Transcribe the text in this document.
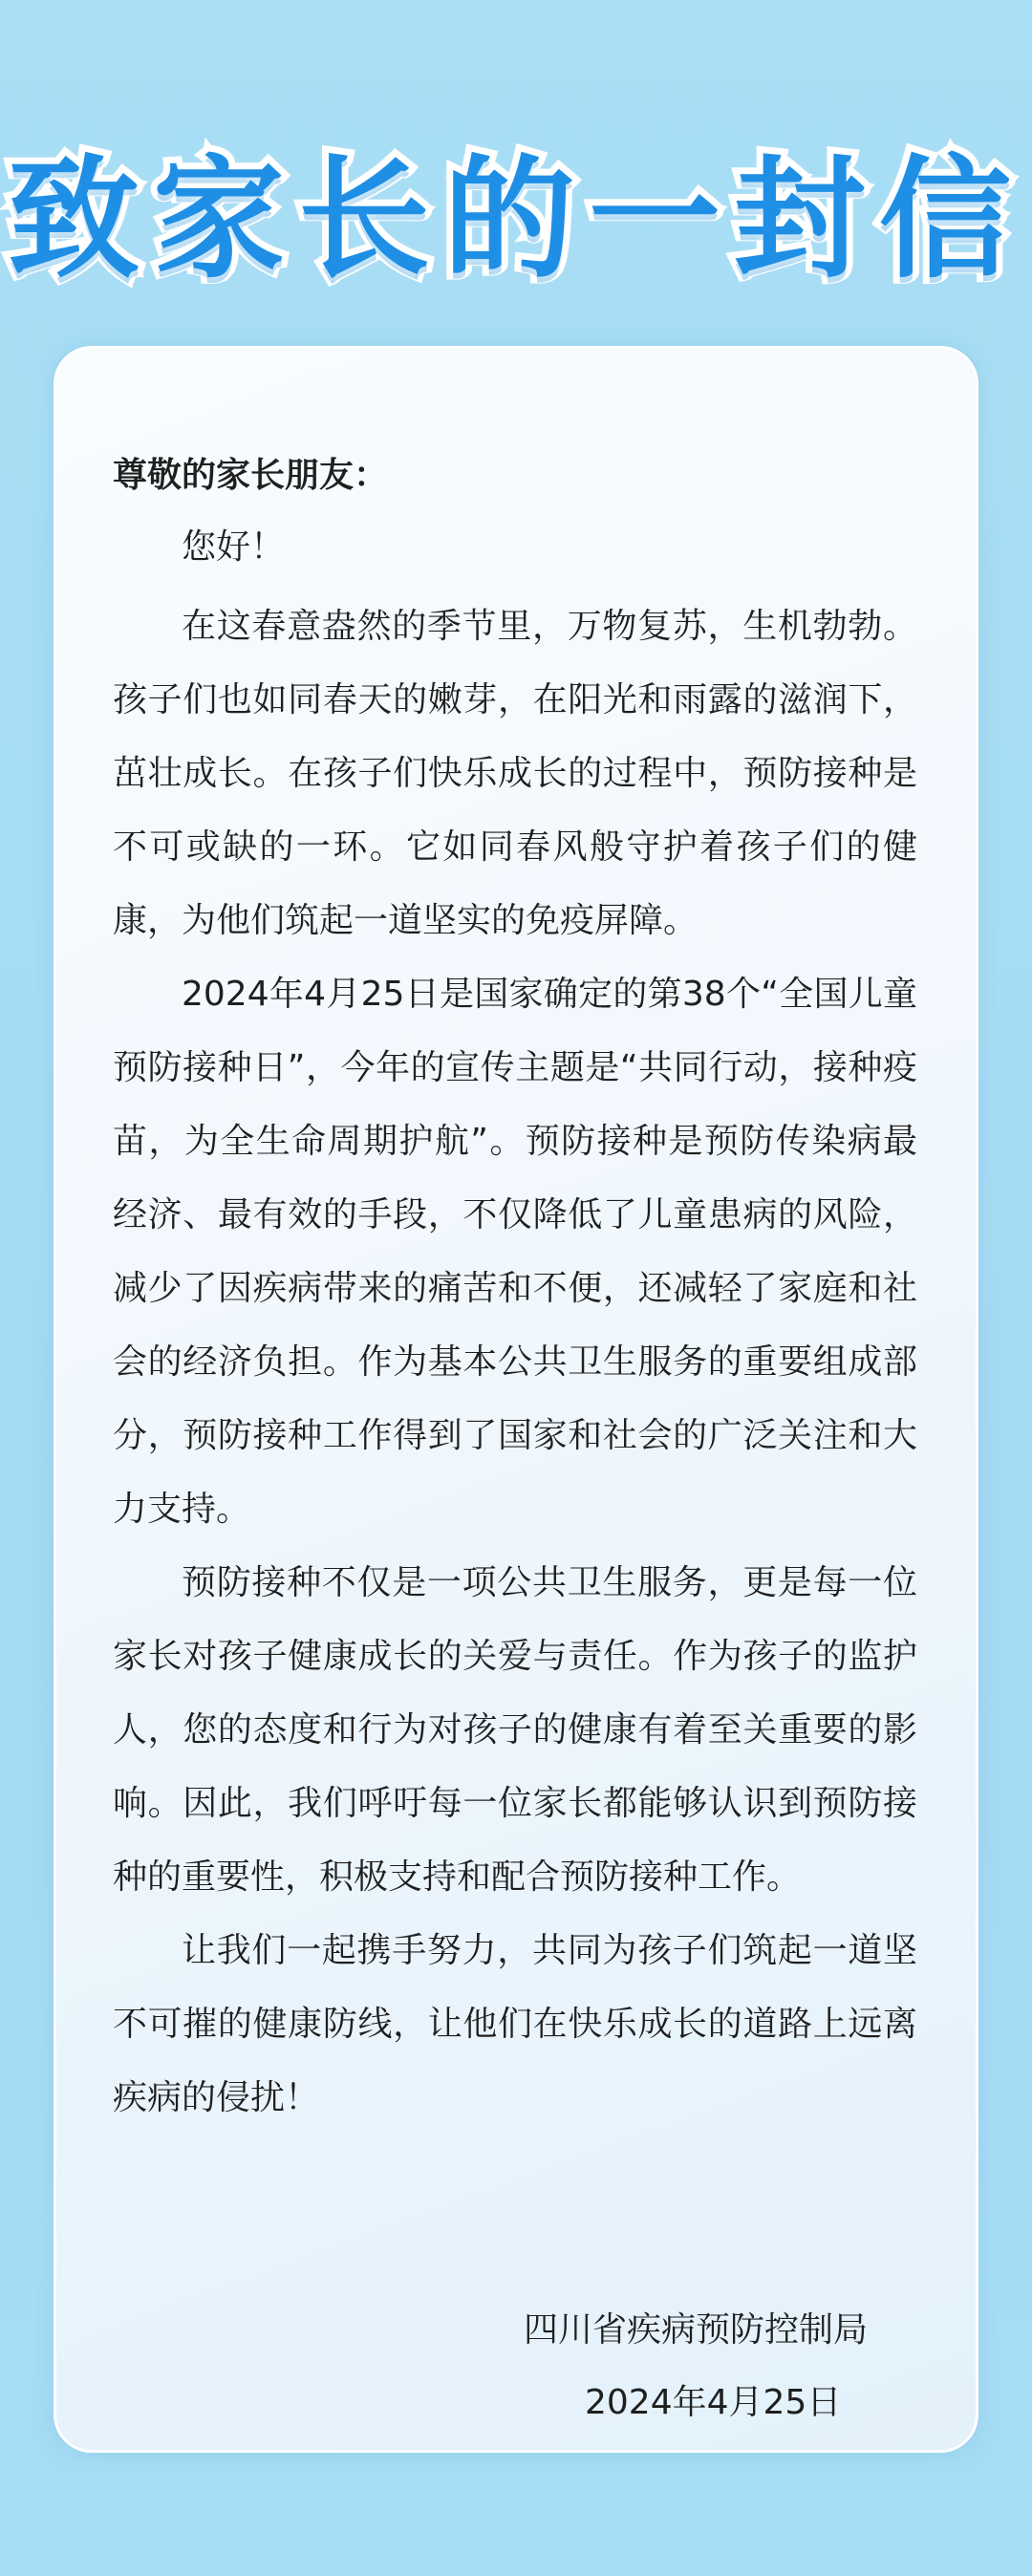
致家长的一封信

尊敬的家长朋友：

您好！

在这春意盎然的季节里，万物复苏，生机勃勃。孩子们也如同春天的嫩芽，在阳光和雨露的滋润下，茁壮成长。在孩子们快乐成长的过程中，预防接种是不可或缺的一环。它如同春风般守护着孩子们的健康，为他们筑起一道坚实的免疫屏障。

2024年4月25日是国家确定的第38个“全国儿童预防接种日”，今年的宣传主题是“共同行动，接种疫苗，为全生命周期护航”。预防接种是预防传染病最经济、最有效的手段，不仅降低了儿童患病的风险，减少了因疾病带来的痛苦和不便，还减轻了家庭和社会的经济负担。作为基本公共卫生服务的重要组成部分，预防接种工作得到了国家和社会的广泛关注和大力支持。

预防接种不仅是一项公共卫生服务，更是每一位家长对孩子健康成长的关爱与责任。作为孩子的监护人，您的态度和行为对孩子的健康有着至关重要的影响。因此，我们呼吁每一位家长都能够认识到预防接种的重要性，积极支持和配合预防接种工作。

让我们一起携手努力，共同为孩子们筑起一道坚不可摧的健康防线，让他们在快乐成长的道路上远离疾病的侵扰！

四川省疾病预防控制局
2024年4月25日
